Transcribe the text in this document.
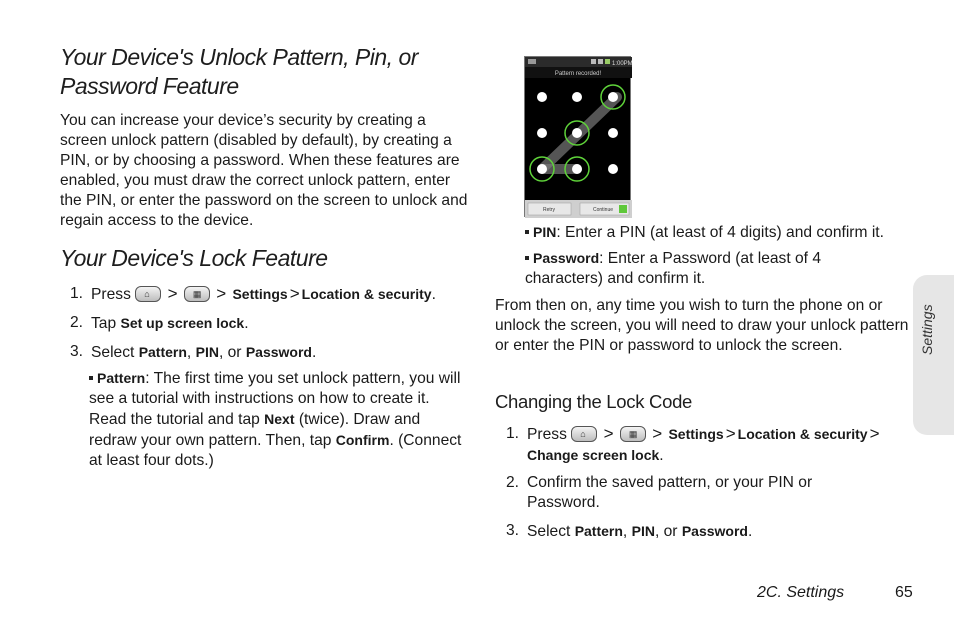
Your Device's Unlock Pattern, Pin, or Password Feature
You can increase your device’s security by creating a screen unlock pattern (disabled by default), by creating a PIN, or by choosing a password. When these features are enabled, you must draw the correct unlock pattern, enter the PIN, or enter the password on the screen to unlock and regain access to the device.
Your Device's Lock Feature
1. Press ⌂ > ▦ > Settings > Location & security.
2. Tap Set up screen lock.
3. Select Pattern, PIN, or Password.
Pattern: The first time you set unlock pattern, you will see a tutorial with instructions on how to create it. Read the tutorial and tap Next (twice). Draw and redraw your own pattern. Then, tap Confirm. (Connect at least four dots.)
1:00PM
Pattern recorded!
Retry	Continue
PIN: Enter a PIN (at least of 4 digits) and confirm it.
Password: Enter a Password (at least of 4 characters) and confirm it.
From then on, any time you wish to turn the phone on or unlock the screen, you will need to draw your unlock pattern or enter the PIN or password to unlock the screen.
Changing the Lock Code
1. Press ⌂ > ▦ > Settings > Location & security > Change screen lock.
2. Confirm the saved pattern, or your PIN or Password.
3. Select Pattern, PIN, or Password.
Settings
2C. Settings	65
